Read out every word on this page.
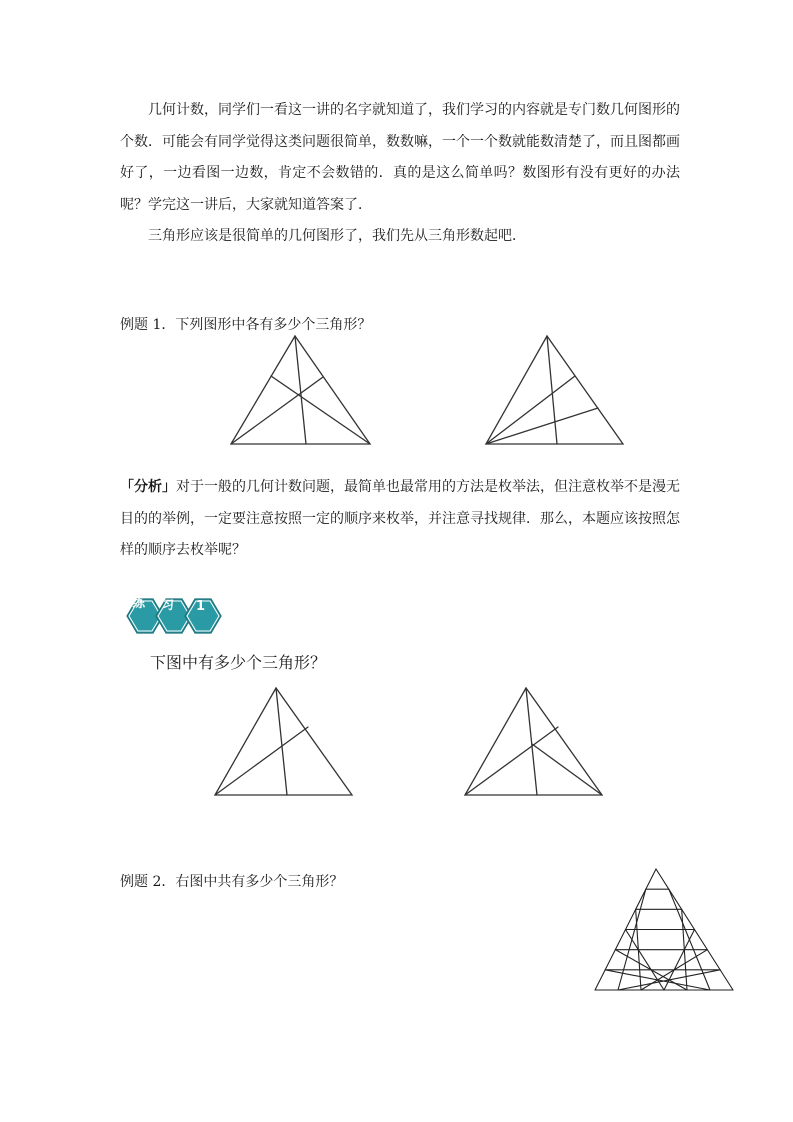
几何计数，同学们一看这一讲的名字就知道了，我们学习的内容就是专门数几何图形的个数．可能会有同学觉得这类问题很简单，数数嘛，一个一个数就能数清楚了，而且图都画好了，一边看图一边数，肯定不会数错的．真的是这么简单吗？数图形有没有更好的办法呢？学完这一讲后，大家就知道答案了．

三角形应该是很简单的几何图形了，我们先从三角形数起吧．

例题 1．下列图形中各有多少个三角形？

「分析」对于一般的几何计数问题，最简单也最常用的方法是枚举法，但注意枚举不是漫无目的的举例，一定要注意按照一定的顺序来枚举，并注意寻找规律．那么，本题应该按照怎样的顺序去枚举呢？

练 习 1

下图中有多少个三角形？

例题 2．右图中共有多少个三角形？
